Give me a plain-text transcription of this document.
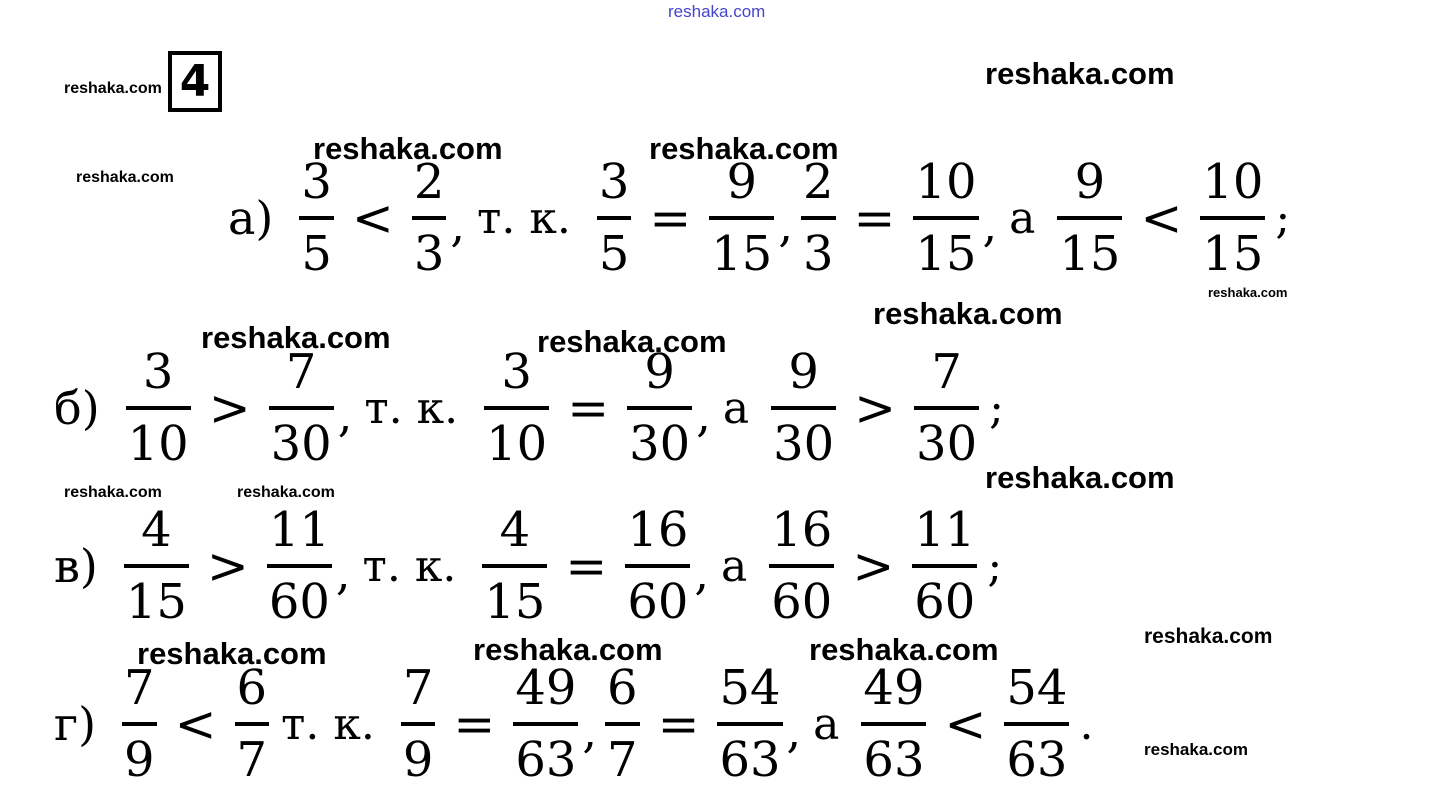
reshaka.com
4
reshaka.com	reshaka.com
reshaka.com	reshaka.com
reshaka.com
reshaka.com
reshaka.com
reshaka.com	reshaka.com
reshaka.com
reshaka.com	reshaka.com
reshaka.com
reshaka.com	reshaka.com	reshaka.com
reshaka.com
$а) \frac{3}{5} < \frac{2}{3}$ , т. к. $\frac{3}{5} = \frac{9}{15}$ , $\frac{2}{3} = \frac{10}{15}$ , а $\frac{9}{15} < \frac{10}{15}$ ;
$б) \frac{3}{10} > \frac{7}{30}$ , т. к. $\frac{3}{10} = \frac{9}{30}$ , а $\frac{9}{30} > \frac{7}{30}$ ;
$в) \frac{4}{15} > \frac{11}{60}$ , т. к. $\frac{4}{15} = \frac{16}{60}$ , а $\frac{16}{60} > \frac{11}{60}$ ;
$г) \frac{7}{9} < \frac{6}{7} т$. к. $\frac{7}{9} = \frac{49}{63}$ , $\frac{6}{7} = \frac{54}{63}$ , а $\frac{49}{63} < \frac{54}{63}$ .
